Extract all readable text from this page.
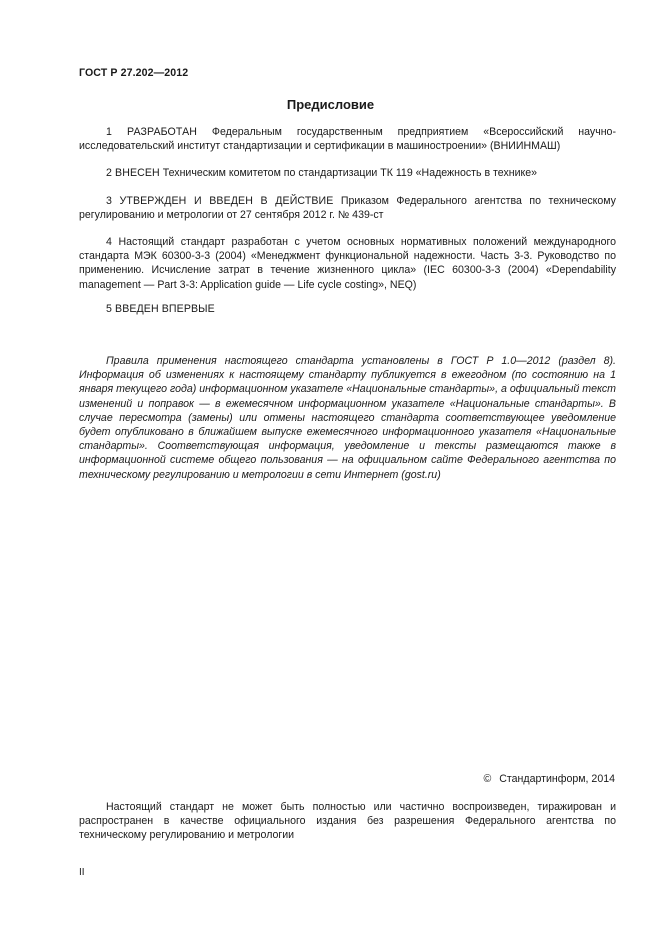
ГОСТ Р 27.202—2012
Предисловие

1 РАЗРАБОТАН Федеральным государственным предприятием «Всероссийский научно-исследовательский институт стандартизации и сертификации в машиностроении» (ВНИИНМАШ)

2 ВНЕСЕН Техническим комитетом по стандартизации ТК 119 «Надежность в технике»

3 УТВЕРЖДЕН И ВВЕДЕН В ДЕЙСТВИЕ Приказом Федерального агентства по техническому регулированию и метрологии от 27 сентября 2012 г. № 439-ст

4 Настоящий стандарт разработан с учетом основных нормативных положений международного стандарта МЭК 60300-3-3 (2004) «Менеджмент функциональной надежности. Часть 3-3. Руководство по применению. Исчисление затрат в течение жизненного цикла» (IEC 60300-3-3 (2004) «Dependability management — Part 3-3: Application guide — Life cycle costing», NEQ)

5 ВВЕДЕН ВПЕРВЫЕ

Правила применения настоящего стандарта установлены в ГОСТ Р 1.0—2012 (раздел 8). Информация об изменениях к настоящему стандарту публикуется в ежегодном (по состоянию на 1 января текущего года) информационном указателе «Национальные стандарты», а официальный текст изменений и поправок — в ежемесячном информационном указателе «Национальные стандарты». В случае пересмотра (замены) или отмены настоящего стандарта соответствующее уведомление будет опубликовано в ближайшем выпуске ежемесячного информационного указателя «Национальные стандарты». Соответствующая информация, уведомление и тексты размещаются также в информационной системе общего пользования — на официальном сайте Федерального агентства по техническому регулированию и метрологии в сети Интернет (gost.ru)

© Стандартинформ, 2014

Настоящий стандарт не может быть полностью или частично воспроизведен, тиражирован и распространен в качестве официального издания без разрешения Федерального агентства по техническому регулированию и метрологии

II
